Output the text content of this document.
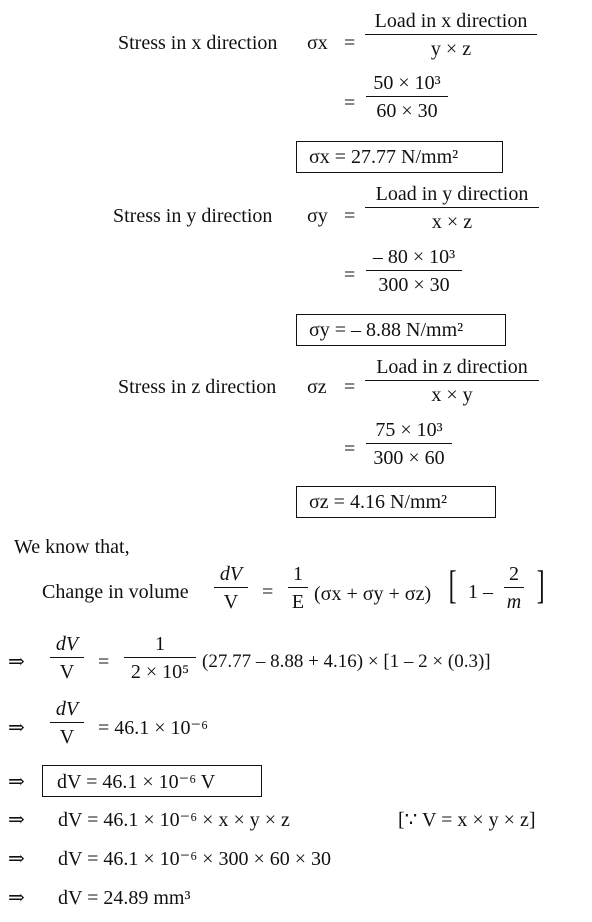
Stress in x direction σx =
Load in x direction
y × z
= $\frac{\text{50 × 10³}}{60 \times 30}$
σx = 27.77 N/mm²
Stress in y direction σy =
Load in y direction
x × z
= $\frac{\text{– 80 × 10³}}{300 \times 30}$
σy = – 8.88 N/mm²
Stress in z direction σz =
Load in z direction
x × y
= $\frac{\text{75 × 10³}}{300 \times 60}$
σz = 4.16 N/mm²
We know that,
Change in volume $\frac{dV}{V} = \frac{1}{E} (\sigma x + \sigma y + \sigma z)$ [ $1 - \frac{2}{m}$ ]
⇒ $\frac{dV}{V} = \frac{1}{\text{2 × 10⁵}} (27.77 - 8.88 + 4.16) \times [1 - 2 \times (0.3)]$
⇒ $\frac{dV}{V} = 46.1 \times 10^{-6}$
⇒ dV = 46.1 × 10⁻⁶ V
⇒ dV = 46.1 × 10⁻⁶ × x × y × z	[∵ V = x × y × z]
⇒ dV = 46.1 × 10⁻⁶ × 300 × 60 × 30
⇒ dV = 24.89 mm³
